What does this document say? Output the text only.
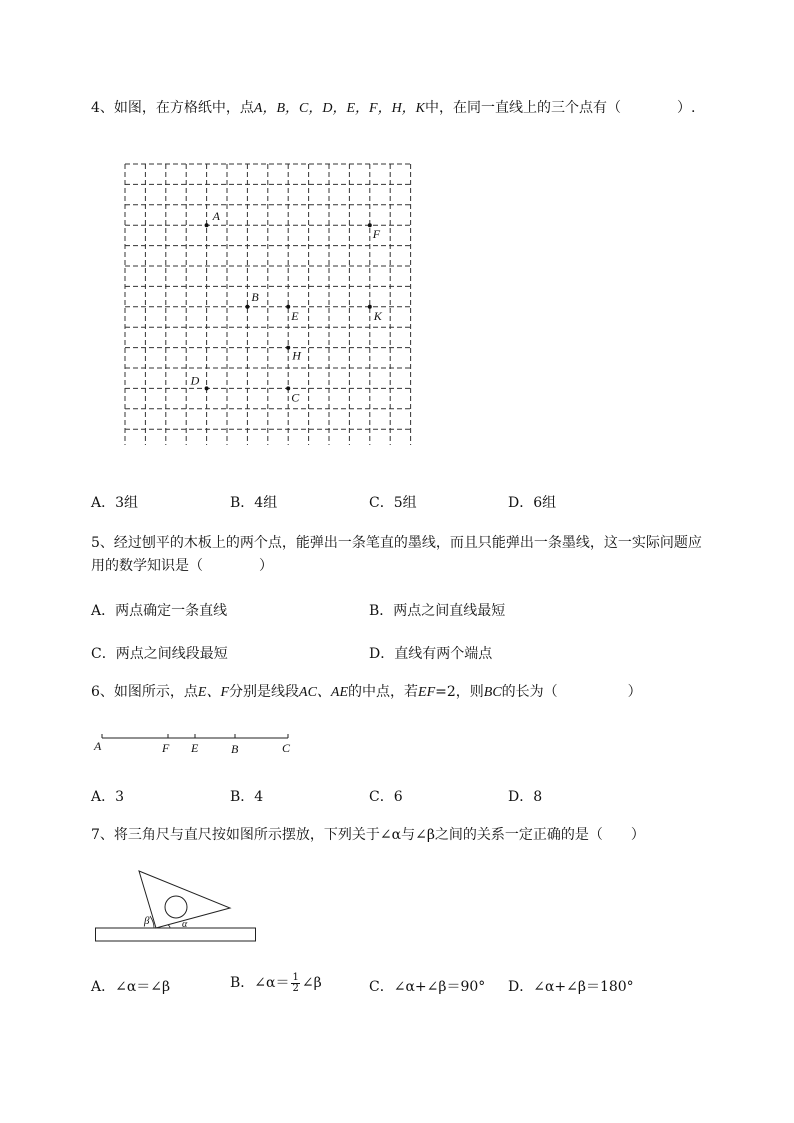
4、如图，在方格纸中，点A，B，C，D，E，F，H，K中，在同一直线上的三个点有（　　　　）.
A
F
B
E	K
H
D
C
A．3组	B．4组	C．5组	D．6组
5、经过刨平的木板上的两个点，能弹出一条笔直的墨线，而且只能弹出一条墨线，这一实际问题应
用的数学知识是（　　　　）
A．两点确定一条直线	B．两点之间直线最短
C．两点之间线段最短	D．直线有两个端点
6、如图所示，点E、F分别是线段AC、AE的中点，若EF=2，则BC的长为（　　　　　）
A	F E	B	C
A．3	B．4	C．6	D．8
7、将三角尺与直尺按如图所示摆放，下列关于∠α与∠β之间的关系一定正确的是（　　）
β	α
A．∠α＝∠β	B．∠α＝ $\frac{1}{2}$ ∠β	C．∠α+∠β＝90° D．∠α+∠β＝180°
